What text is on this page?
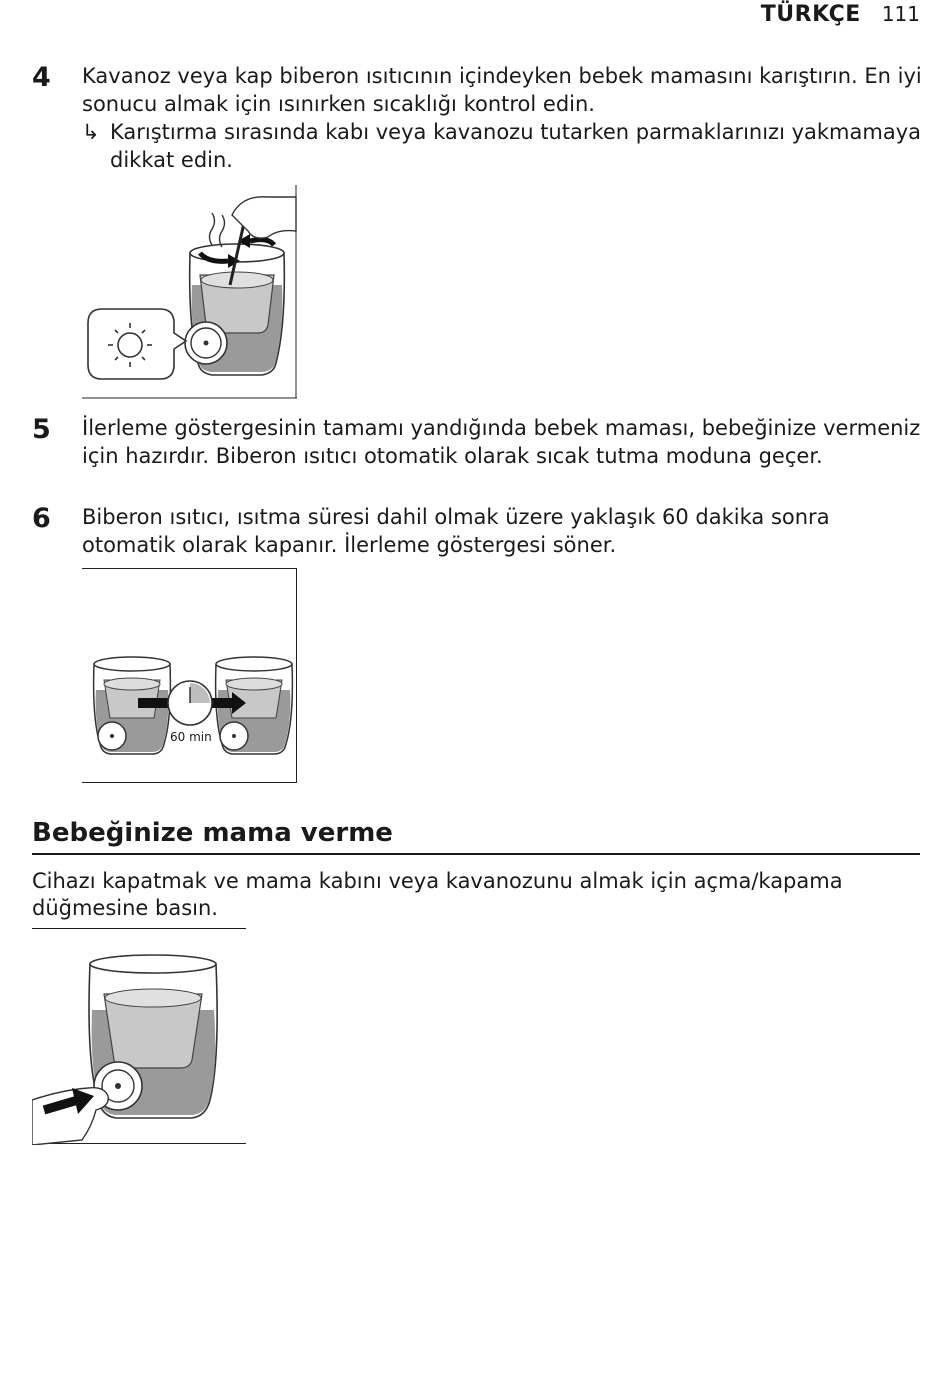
TÜRKÇE 111
4 Kavanoz veya kap biberon ısıtıcının içindeyken bebek mamasını karıştırın. En iyi sonucu almak için ısınırken sıcaklığı kontrol edin.
↳ Karıştırma sırasında kabı veya kavanozu tutarken parmaklarınızı yakmamaya dikkat edin.
5 İlerleme göstergesinin tamamı yandığında bebek maması, bebeğinize vermeniz için hazırdır. Biberon ısıtıcı otomatik olarak sıcak tutma moduna geçer.
6 Biberon ısıtıcı, ısıtma süresi dahil olmak üzere yaklaşık 60 dakika sonra otomatik olarak kapanır. İlerleme göstergesi söner.
60 min
Bebeğinize mama verme
Cihazı kapatmak ve mama kabını veya kavanozunu almak için açma/kapama düğmesine basın.
